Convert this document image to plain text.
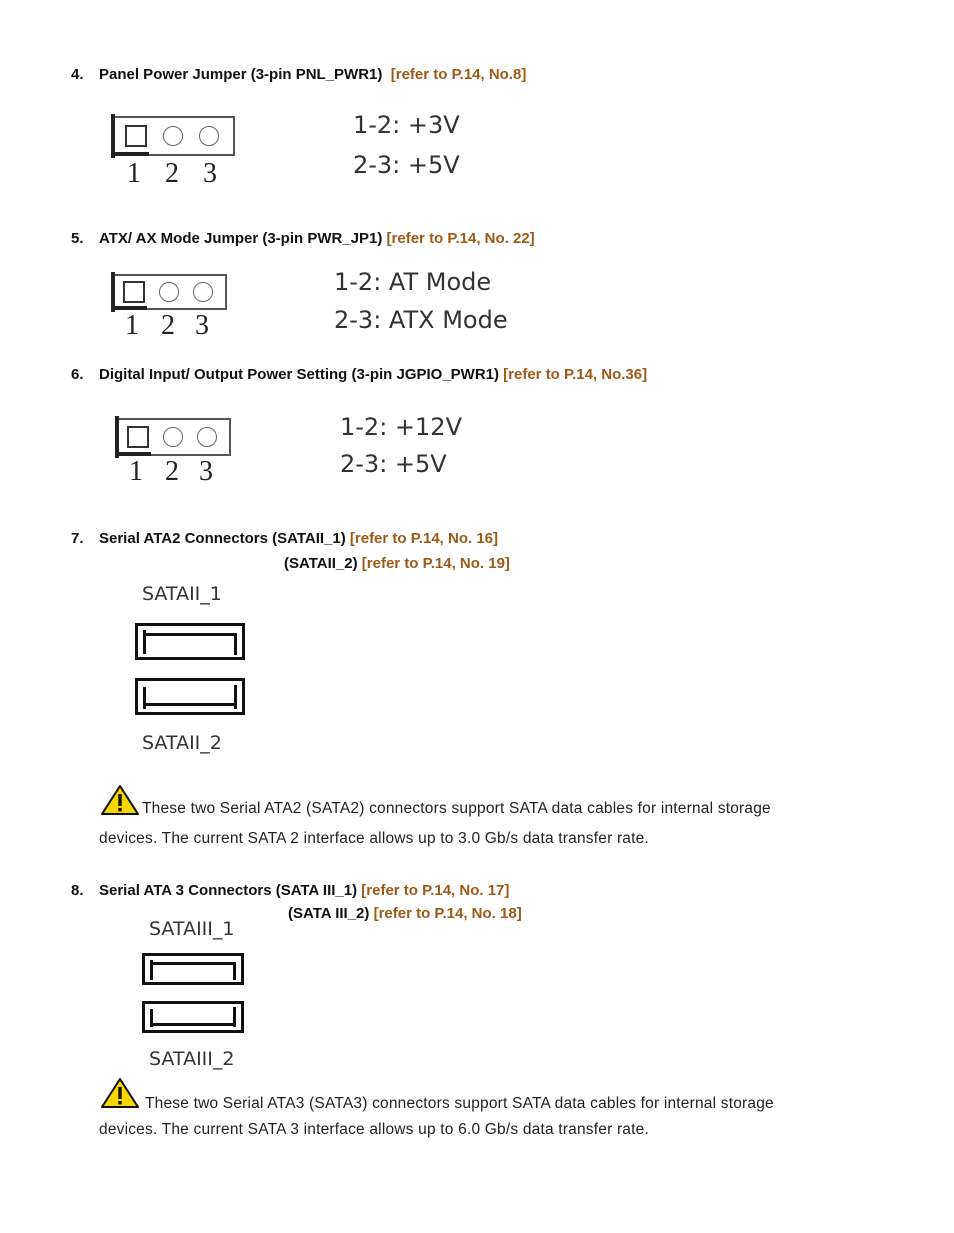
4. Panel Power Jumper (3-pin PNL_PWR1) [refer to P.14, No.8]
1 2 3
1-2: +3V
2-3: +5V
5. ATX/ AX Mode Jumper (3-pin PWR_JP1) [refer to P.14, No. 22]
1 2 3
1-2: AT Mode
2-3: ATX Mode
6. Digital Input/ Output Power Setting (3-pin JGPIO_PWR1) [refer to P.14, No.36]
1 2 3
1-2: +12V
2-3: +5V
7. Serial ATA2 Connectors (SATAII_1) [refer to P.14, No. 16]
(SATAII_2) [refer to P.14, No. 19]
SATAII_1
SATAII_2
These two Serial ATA2 (SATA2) connectors support SATA data cables for internal storage
devices. The current SATA 2 interface allows up to 3.0 Gb/s data transfer rate.
8. Serial ATA 3 Connectors (SATA III_1) [refer to P.14, No. 17]
(SATA III_2) [refer to P.14, No. 18]
SATAIII_1
SATAIII_2
These two Serial ATA3 (SATA3) connectors support SATA data cables for internal storage
devices. The current SATA 3 interface allows up to 6.0 Gb/s data transfer rate.
